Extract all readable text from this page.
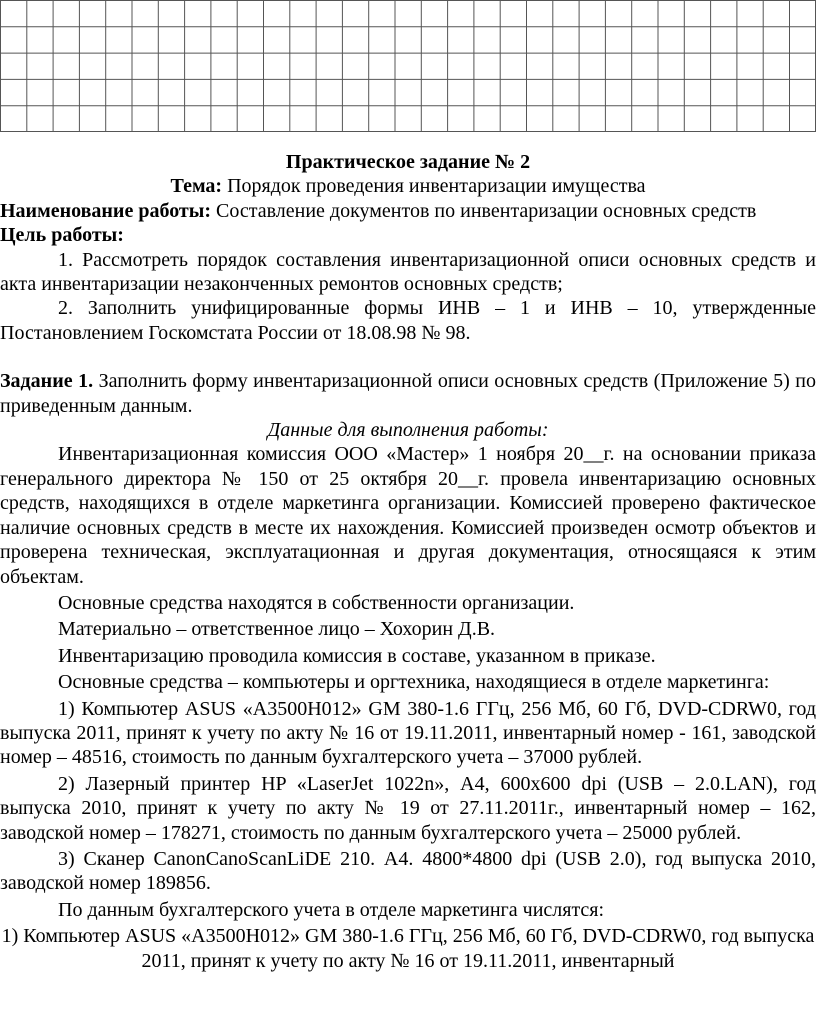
Практическое задание № 2

Тема: Порядок проведения инвентаризации имущества

Наименование работы: Составление документов по инвентаризации основных средств

Цель работы:

1. Рассмотреть порядок составления инвентаризационной описи основных средств и акта инвентаризации незаконченных ремонтов основных средств;

2. Заполнить унифицированные формы ИНВ – 1 и ИНВ – 10, утвержденные Постановлением Госкомстата России от 18.08.98 № 98.

Задание 1. Заполнить форму инвентаризационной описи основных средств (Приложение 5) по приведенным данным.

Данные для выполнения работы:

Инвентаризационная комиссия ООО «Мастер» 1 ноября 20__г. на основании приказа генерального директора № 150 от 25 октября 20__г. провела инвентаризацию основных средств, находящихся в отделе маркетинга организации. Комиссией проверено фактическое наличие основных средств в месте их нахождения. Комиссией произведен осмотр объектов и проверена техническая, эксплуатационная и другая документация, относящаяся к этим объектам.

Основные средства находятся в собственности организации.

Материально – ответственное лицо – Хохорин Д.В.

Инвентаризацию проводила комиссия в составе, указанном в приказе.

Основные средства – компьютеры и оргтехника, находящиеся в отделе маркетинга:

1) Компьютер ASUS «A3500H012» GM 380-1.6 ГГц, 256 Мб, 60 Гб, DVD-CDRW0, год выпуска 2011, принят к учету по акту № 16 от 19.11.2011, инвентарный номер - 161, заводской номер – 48516, стоимость по данным бухгалтерского учета – 37000 рублей.

2) Лазерный принтер HP «LaserJet 1022n», А4, 600х600 dpi (USB – 2.0.LAN), год выпуска 2010, принят к учету по акту № 19 от 27.11.2011г., инвентарный номер – 162, заводской номер – 178271, стоимость по данным бухгалтерского учета – 25000 рублей.

3) Сканер CanonCanoScanLiDE 210. А4. 4800*4800 dpi (USB 2.0), год выпуска 2010, заводской номер 189856.

По данным бухгалтерского учета в отделе маркетинга числятся:

1) Компьютер ASUS «A3500H012» GM 380-1.6 ГГц, 256 Мб, 60 Гб, DVD-CDRW0, год выпуска 2011, принят к учету по акту № 16 от 19.11.2011, инвентарный
